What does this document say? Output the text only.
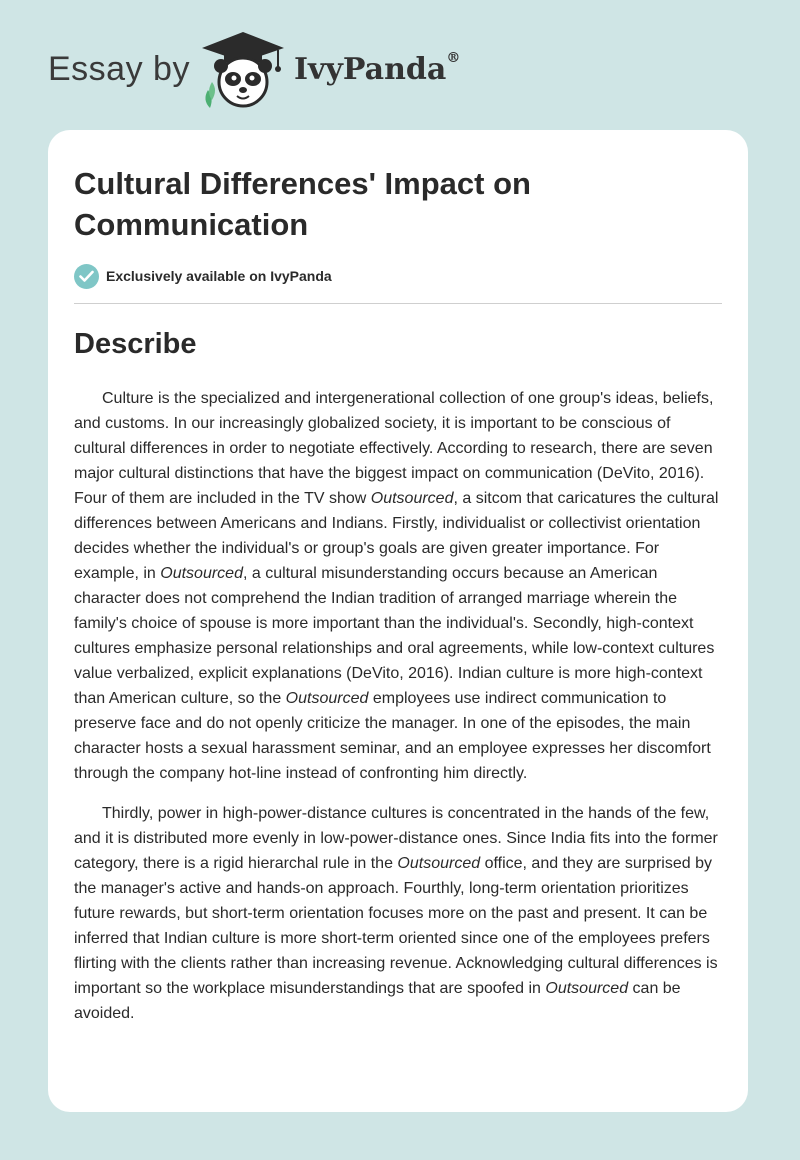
Essay by	IvyPanda®
Cultural Differences' Impact on Communication
Exclusively available on IvyPanda
Describe

Culture is the specialized and intergenerational collection of one group's ideas, beliefs, and customs. In our increasingly globalized society, it is important to be conscious of cultural differences in order to negotiate effectively. According to research, there are seven major cultural distinctions that have the biggest impact on communication (DeVito, 2016). Four of them are included in the TV show Outsourced, a sitcom that caricatures the cultural differences between Americans and Indians. Firstly, individualist or collectivist orientation decides whether the individual's or group's goals are given greater importance. For example, in Outsourced, a cultural misunderstanding occurs because an American character does not comprehend the Indian tradition of arranged marriage wherein the family's choice of spouse is more important than the individual's. Secondly, high-context cultures emphasize personal relationships and oral agreements, while low-context cultures value verbalized, explicit explanations (DeVito, 2016). Indian culture is more high-context than American culture, so the Outsourced employees use indirect communication to preserve face and do not openly criticize the manager. In one of the episodes, the main character hosts a sexual harassment seminar, and an employee expresses her discomfort through the company hot-line instead of confronting him directly.

Thirdly, power in high-power-distance cultures is concentrated in the hands of the few, and it is distributed more evenly in low-power-distance ones. Since India fits into the former category, there is a rigid hierarchal rule in the Outsourced office, and they are surprised by the manager's active and hands-on approach. Fourthly, long-term orientation prioritizes future rewards, but short-term orientation focuses more on the past and present. It can be inferred that Indian culture is more short-term oriented since one of the employees prefers flirting with the clients rather than increasing revenue. Acknowledging cultural differences is important so the workplace misunderstandings that are spoofed in Outsourced can be avoided.
